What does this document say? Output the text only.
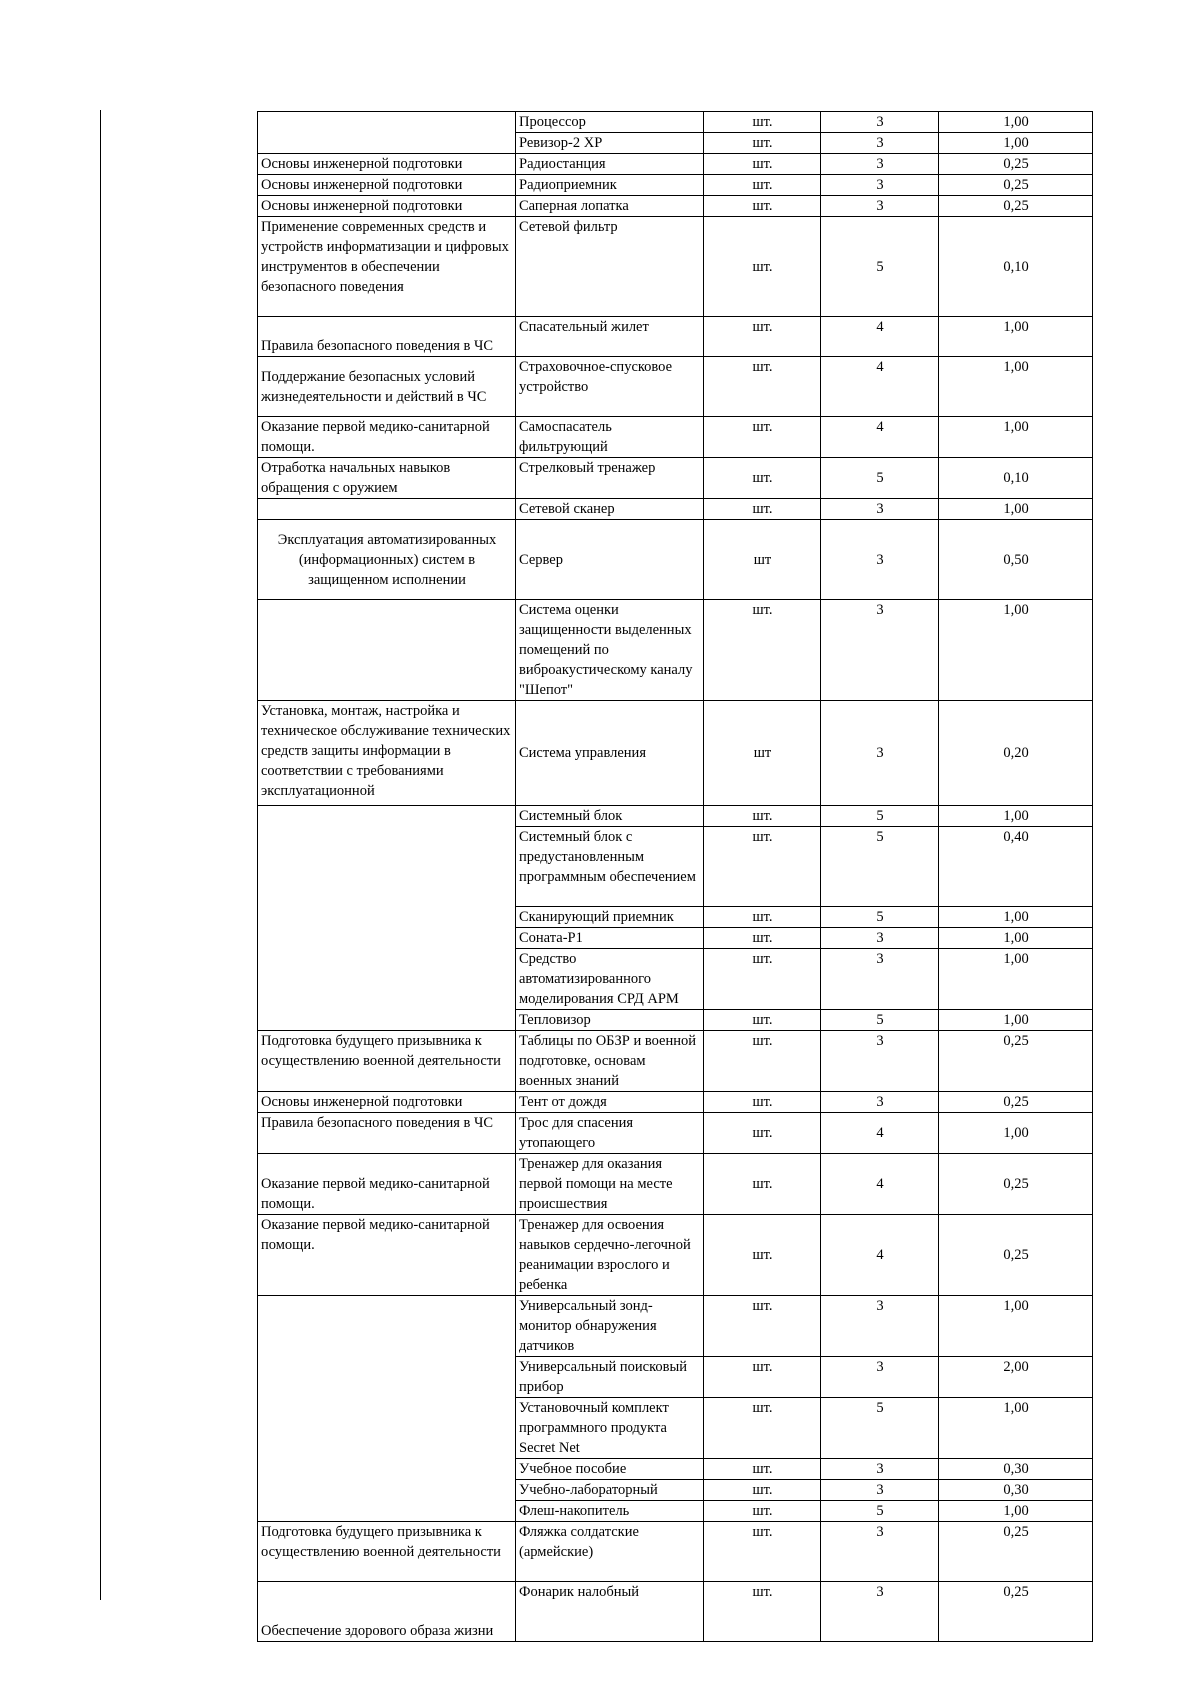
	Процессор	шт.	3	1,00
	Ревизор-2 XP	шт.	3	1,00
Основы инженерной подготовки	Радиостанция	шт.	3	0,25
Основы инженерной подготовки	Радиоприемник	шт.	3	0,25
Основы инженерной подготовки	Саперная лопатка	шт.	3	0,25
Применение современных средств и устройств информатизации и цифровых инструментов в обеспечении безопасного поведения	Сетевой фильтр	шт.	5	0,10
Правила безопасного поведения в ЧС	Спасательный жилет	шт.	4	1,00
Поддержание безопасных условий жизнедеятельности и действий в ЧС	Страховочное-спусковое устройство	шт.	4	1,00
Оказание первой медико-санитарной помощи.	Самоспасатель фильтрующий	шт.	4	1,00
Отработка начальных навыков обращения с оружием	Стрелковый тренажер	шт.	5	0,10
	Сетевой сканер	шт.	3	1,00
Эксплуатация автоматизированных (информационных) систем в защищенном исполнении	Сервер	шт	3	0,50
	Система оценки защищенности выделенных помещений по виброакустическому каналу "Шепот"	шт.	3	1,00
Установка, монтаж, настройка и техническое обслуживание технических средств защиты информации в соответствии с требованиями эксплуатационной	Система управления	шт	3	0,20
	Системный блок	шт.	5	1,00
	Системный блок с предустановленным программным обеспечением	шт.	5	0,40
	Сканирующий приемник	шт.	5	1,00
	Соната-Р1	шт.	3	1,00
	Средство автоматизированного моделирования СРД АРМ	шт.	3	1,00
	Тепловизор	шт.	5	1,00
Подготовка будущего призывника к осуществлению военной деятельности	Таблицы по ОБЗР и военной подготовке, основам военных знаний	шт.	3	0,25
Основы инженерной подготовки	Тент от дождя	шт.	3	0,25
Правила безопасного поведения в ЧС	Трос для спасения утопающего	шт.	4	1,00
Оказание первой медико-санитарной помощи.	Тренажер для оказания первой помощи на месте происшествия	шт.	4	0,25
Оказание первой медико-санитарной помощи.	Тренажер для освоения навыков сердечно-легочной реанимации взрослого и ребенка	шт.	4	0,25
	Универсальный зонд-монитор обнаружения датчиков	шт.	3	1,00
	Универсальный поисковый прибор	шт.	3	2,00
	Установочный комплект программного продукта Secret Net	шт.	5	1,00
	Учебное пособие	шт.	3	0,30
	Учебно-лабораторный	шт.	3	0,30
	Флеш-накопитель	шт.	5	1,00
Подготовка будущего призывника к осуществлению военной деятельности	Фляжка солдатские (армейские)	шт.	3	0,25
Обеспечение здорового образа жизни	Фонарик налобный	шт.	3	0,25
